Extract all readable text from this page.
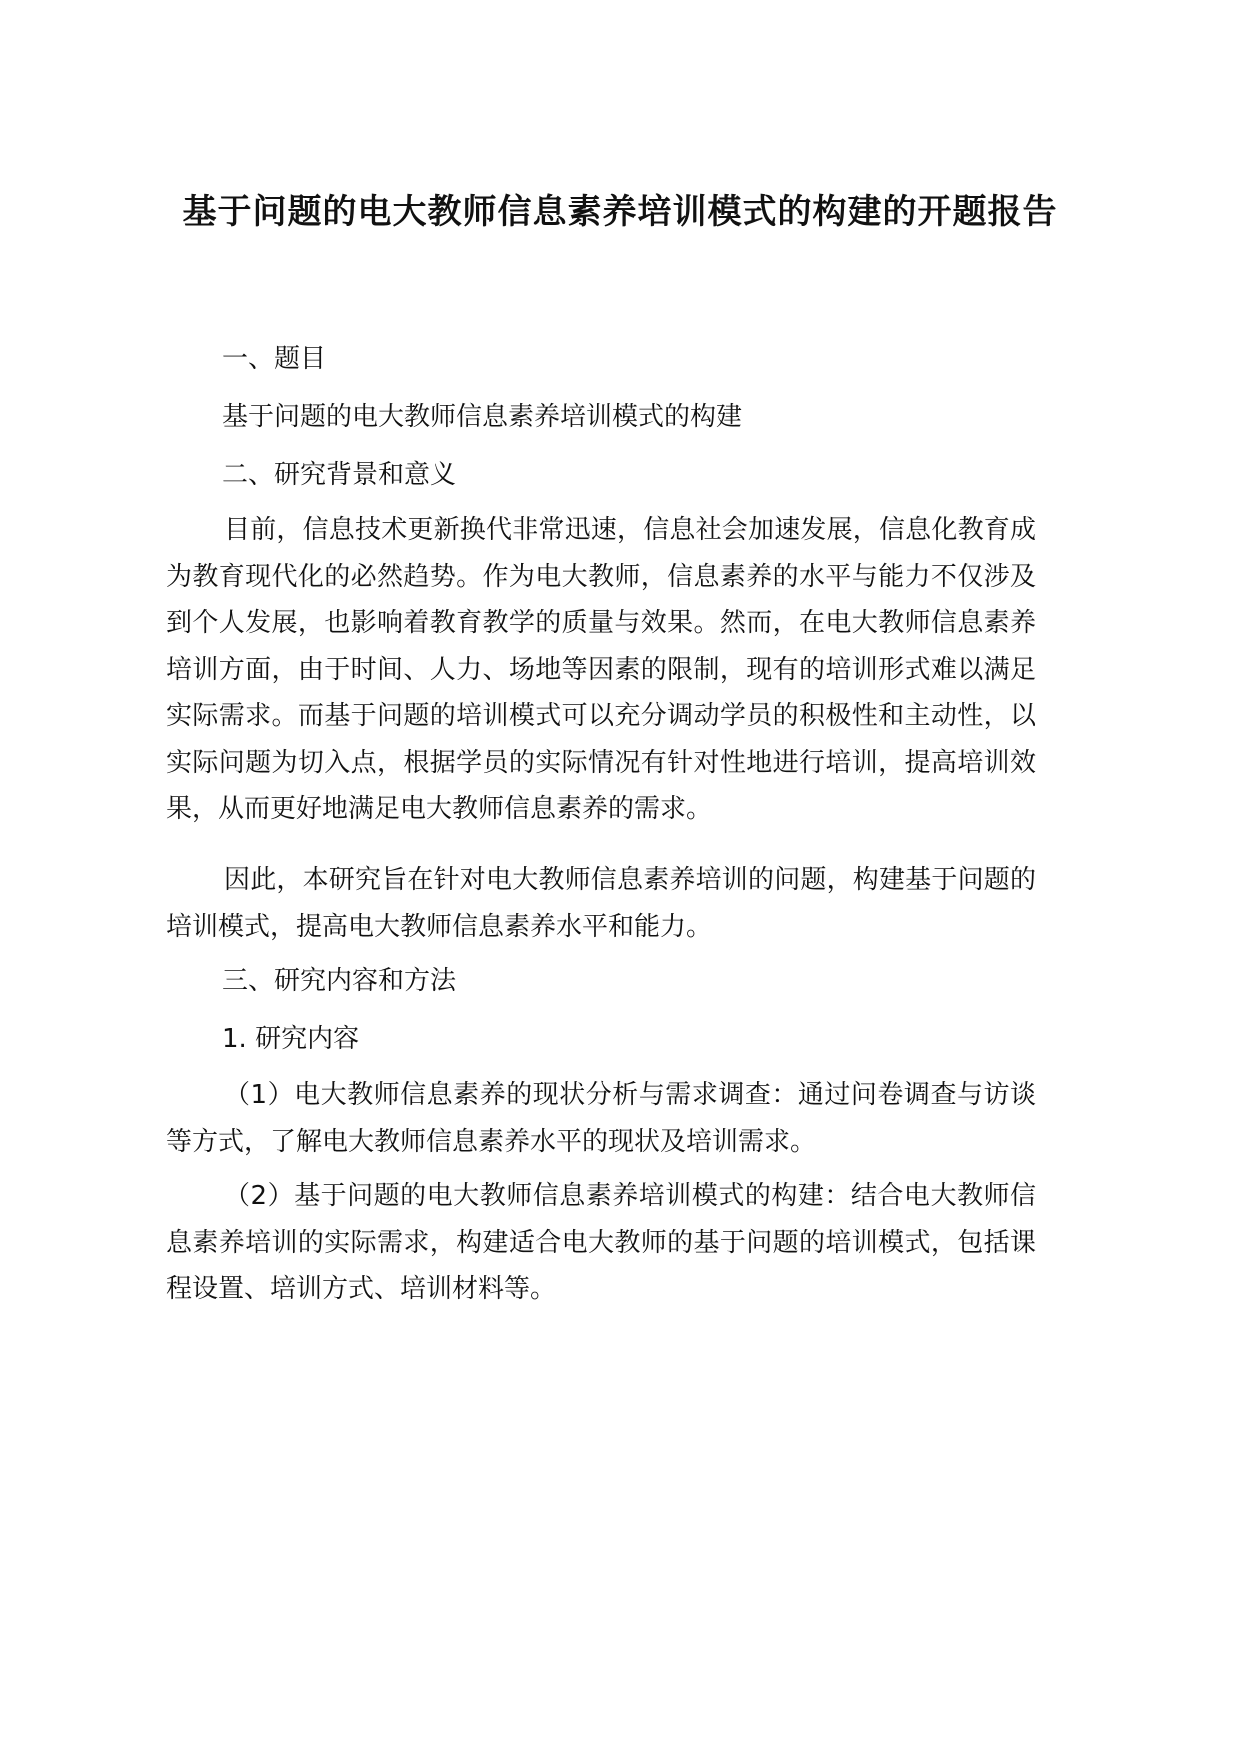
基于问题的电大教师信息素养培训模式的构建的开题报告

一、题目

基于问题的电大教师信息素养培训模式的构建

二、研究背景和意义

目前，信息技术更新换代非常迅速，信息社会加速发展，信息化教育成为教育现代化的必然趋势。作为电大教师，信息素养的水平与能力不仅涉及到个人发展，也影响着教育教学的质量与效果。然而，在电大教师信息素养培训方面，由于时间、人力、场地等因素的限制，现有的培训形式难以满足实际需求。而基于问题的培训模式可以充分调动学员的积极性和主动性，以实际问题为切入点，根据学员的实际情况有针对性地进行培训，提高培训效果，从而更好地满足电大教师信息素养的需求。

因此，本研究旨在针对电大教师信息素养培训的问题，构建基于问题的培训模式，提高电大教师信息素养水平和能力。

三、研究内容和方法

1. 研究内容

（1）电大教师信息素养的现状分析与需求调查：通过问卷调查与访谈等方式，了解电大教师信息素养水平的现状及培训需求。

（2）基于问题的电大教师信息素养培训模式的构建：结合电大教师信息素养培训的实际需求，构建适合电大教师的基于问题的培训模式，包括课程设置、培训方式、培训材料等。
